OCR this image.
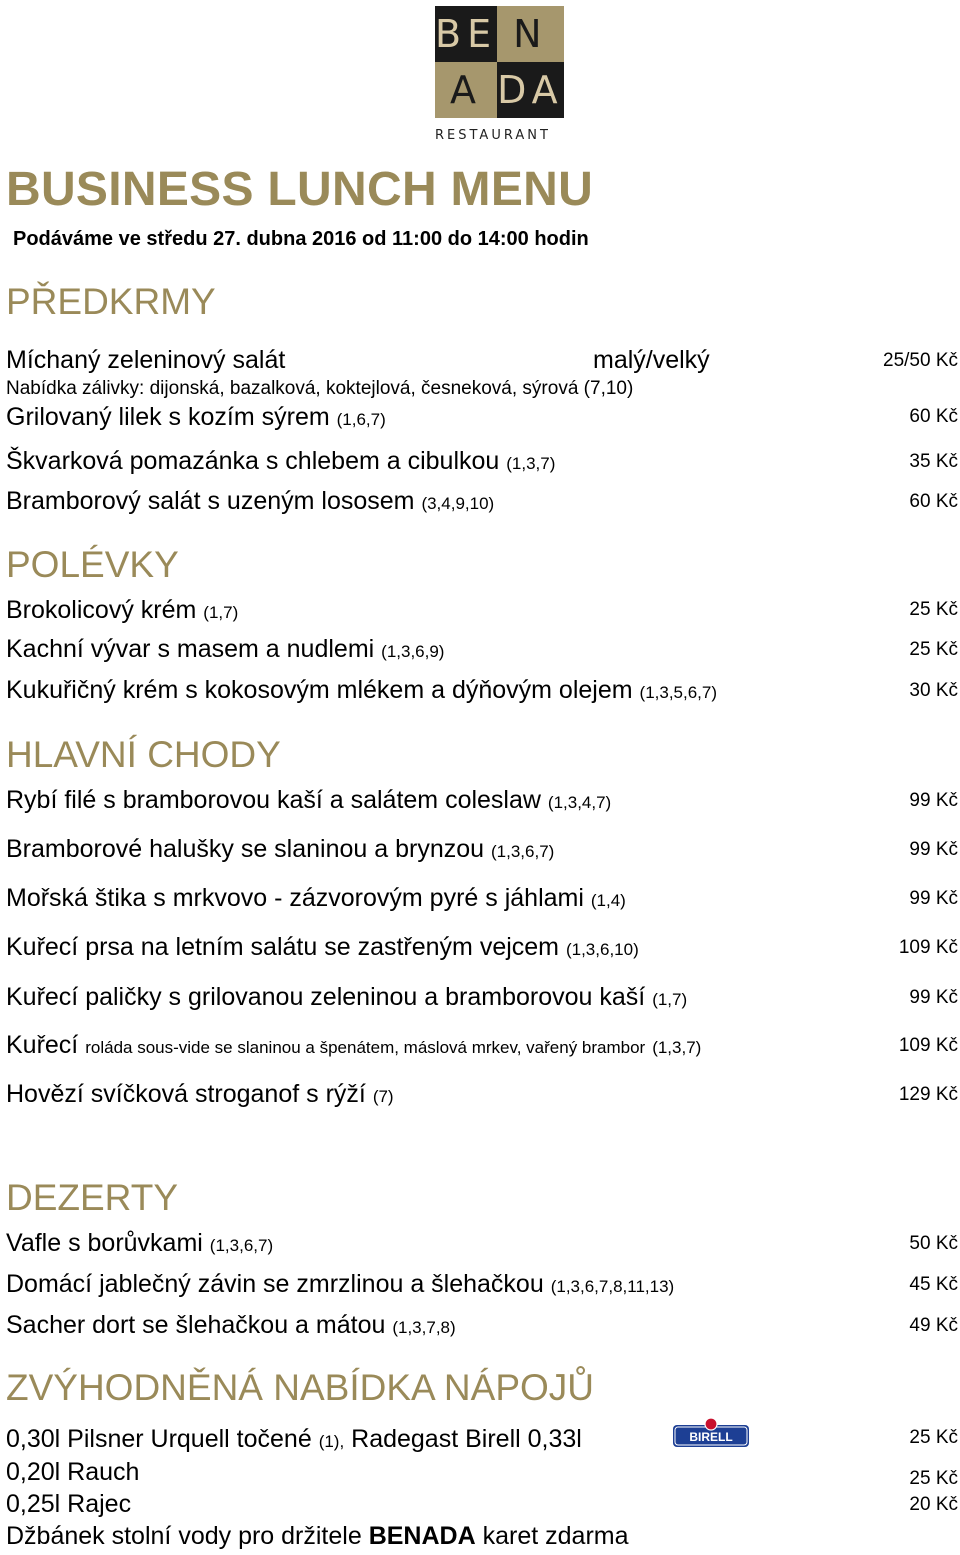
BE N
A DA
RESTAURANT
BUSINESS LUNCH MENU
Podáváme ve středu 27. dubna 2016 od 11:00 do 14:00 hodin
PŘEDKRMY
Míchaný zeleninový salát	malý/velký	25/50 Kč
Nabídka zálivky: dijonská, bazalková, koktejlová, česneková, sýrová (7,10)
Grilovaný lilek s kozím sýrem (1,6,7)	60 Kč
Škvarková pomazánka s chlebem a cibulkou (1,3,7)	35 Kč
Bramborový salát s uzeným lososem (3,4,9,10)	60 Kč
POLÉVKY
Brokolicový krém (1,7)	25 Kč
Kachní vývar s masem a nudlemi (1,3,6,9)	25 Kč
Kukuřičný krém s kokosovým mlékem a dýňovým olejem (1,3,5,6,7)	30 Kč
HLAVNÍ CHODY
Rybí filé s bramborovou kaší a salátem coleslaw (1,3,4,7)	99 Kč
Bramborové halušky se slaninou a brynzou (1,3,6,7)	99 Kč
Mořská štika s mrkvovo - zázvorovým pyré s jáhlami (1,4)	99 Kč
Kuřecí prsa na letním salátu se zastřeným vejcem (1,3,6,10)	109 Kč
Kuřecí paličky s grilovanou zeleninou a bramborovou kaší (1,7)	99 Kč
Kuřecí roláda sous-vide se slaninou a špenátem, máslová mrkev, vařený brambor (1,3,7)	109 Kč
Hovězí svíčková stroganof s rýží (7)	129 Kč
DEZERTY
Vafle s borůvkami (1,3,6,7)	50 Kč
Domácí jablečný závin se zmrzlinou a šlehačkou (1,3,6,7,8,11,13)	45 Kč
Sacher dort se šlehačkou a mátou (1,3,7,8)	49 Kč
ZVÝHODNĚNÁ NABÍDKA NÁPOJŮ
0,30l Pilsner Urquell točené (1), Radegast Birell 0,33l	BIRELL	25 Kč
0,20l Rauch	25 Kč
0,25l Rajec	20 Kč
Džbánek stolní vody pro držitele BENADA karet zdarma
